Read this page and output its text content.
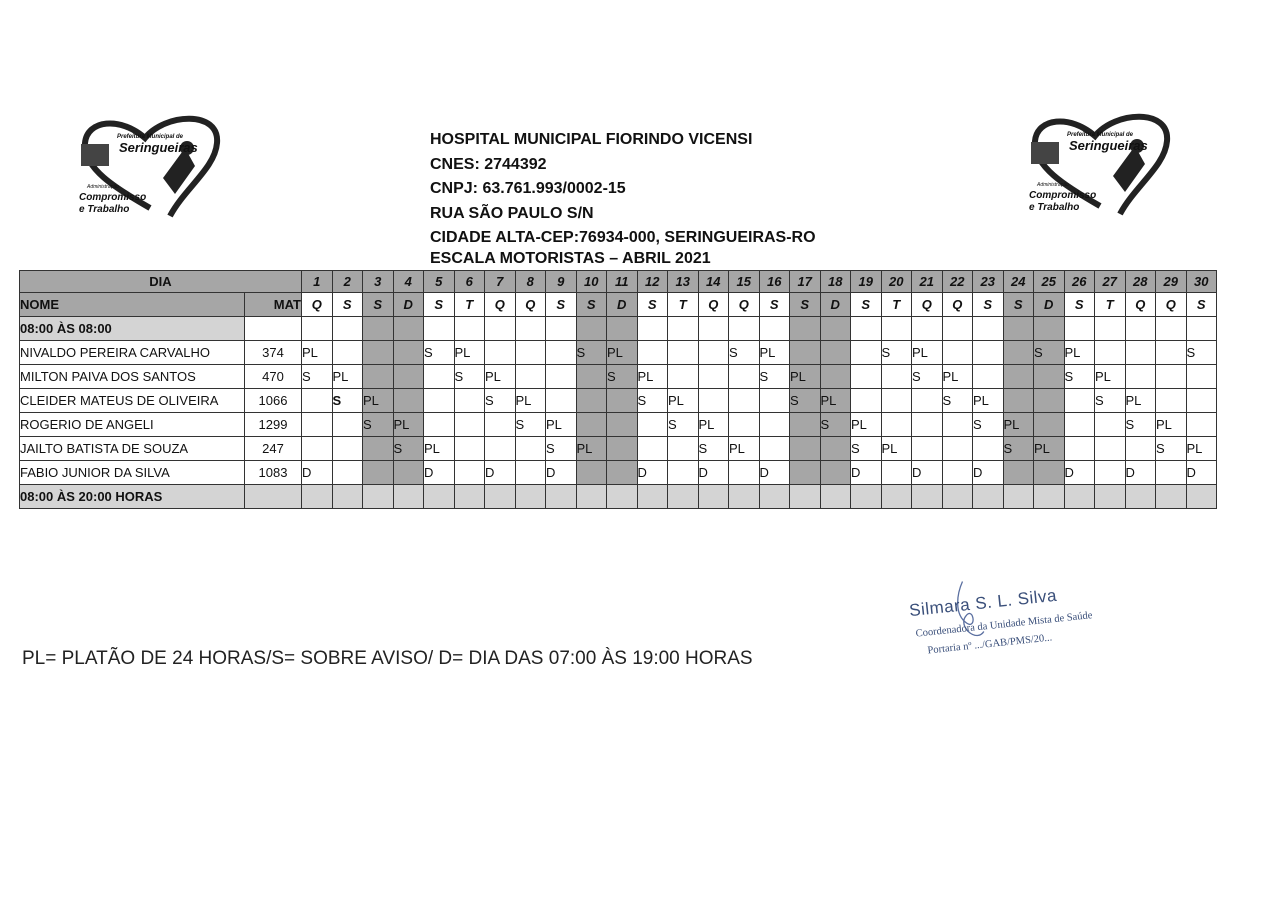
Prefeitura Municipal de
Seringueiras
Administração
Compromisso
e Trabalho
Prefeitura Municipal de
Seringueiras
Administração
Compromisso
e Trabalho
HOSPITAL MUNICIPAL FIORINDO VICENSI
CNES: 2744392
CNPJ: 63.761.993/0002-15
RUA SÃO PAULO S/N
CIDADE ALTA-CEP:76934-000, SERINGUEIRAS-RO
ESCALA MOTORISTAS – ABRIL 2021
DIA		1	2	3	4	5	6	7	8	9	10	11	12	13	14	15	16	17	18	19	20	21	22	23	24	25	26	27	28	29	30
NOME	MAT	Q	S	S	D	S	T	Q	Q	S	S	D	S	T	Q	Q	S	S	D	S	T	Q	Q	S	S	D	S	T	Q	Q	S
08:00 ÀS 08:00																															
NIVALDO PEREIRA CARVALHO	374	PL				S	PL				S	PL				S	PL				S	PL				S	PL				S
MILTON PAIVA DOS SANTOS	470	S	PL				S	PL				S	PL				S	PL				S	PL				S	PL			
CLEIDER MATEUS DE OLIVEIRA	1066		S	PL				S	PL				S	PL				S	PL				S	PL				S	PL		
ROGERIO DE ANGELI	1299			S	PL				S	PL				S	PL				S	PL				S	PL				S	PL	
JAILTO BATISTA DE SOUZA	247				S	PL				S	PL				S	PL				S	PL				S	PL				S	PL
FABIO JUNIOR DA SILVA	1083	D				D		D		D			D		D		D			D		D		D			D		D		D
08:00 ÀS 20:00 HORAS																															
PL= PLATÃO DE 24 HORAS/S= SOBRE AVISO/ D= DIA DAS 07:00 ÀS 19:00 HORAS
Silmara S. L. Silva
Coordenadora da Unidade Mista de Saúde
Portaria nº .../GAB/PMS/20...
